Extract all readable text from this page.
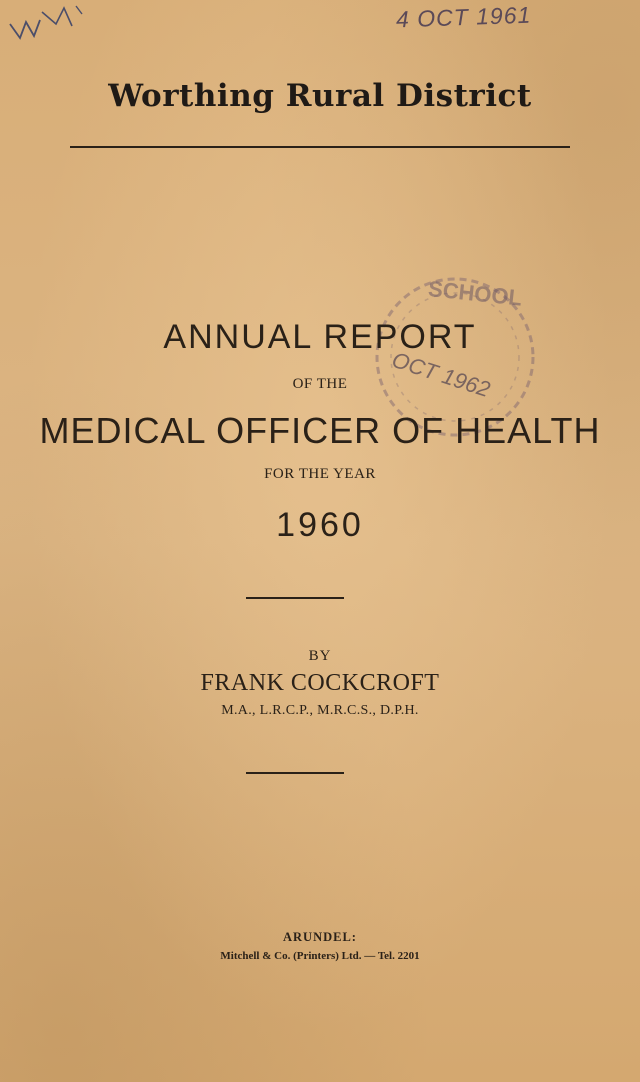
4 OCT 1961
Worthing Rural District
SCHOOL
OCT 1962
ANNUAL REPORT
OF THE
MEDICAL OFFICER OF HEALTH
FOR THE YEAR
1960
BY
FRANK COCKCROFT
M.A., L.R.C.P., M.R.C.S., D.P.H.
ARUNDEL:
Mitchell & Co. (Printers) Ltd. — Tel. 2201
